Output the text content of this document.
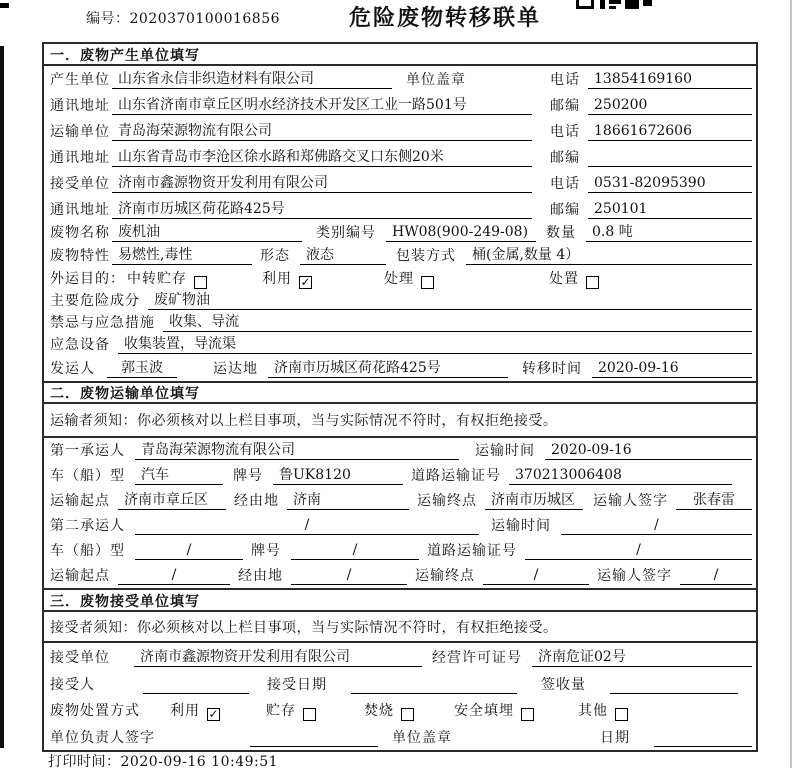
编号：2020370100016856	危险废物转移联单
一．废物产生单位填写
产生单位 山东省永信非织造材料有限公司	单位盖章	电话	13854169160
通讯地址 山东省济南市章丘区明水经济技术开发区工业一路501号	邮编	250200
运输单位 青岛海荣源物流有限公司	电话	18661672606
通讯地址 山东省青岛市李沧区徐水路和郑佛路交叉口东侧20米	邮编
接受单位 济南市鑫源物资开发利用有限公司	电话	0531-82095390
通讯地址 济南市历城区荷花路425号	邮编	250101
废物名称 废机油	类别编号	HW08(900-249-08)	数量	0.8 吨
废物特性 易燃性,毒性	形态	液态	包装方式	桶(金属,数量 4）
外运目的： 中转贮存	利用 ✓	处理	处置
主要危险成分	废矿物油
禁忌与应急措施	收集、导流
应急设备	收集装置，导流渠
发运人	郭玉波	运达地	济南市历城区荷花路425号	转移时间	2020-09-16
二．废物运输单位填写
运输者须知：你必须核对以上栏目事项，当与实际情况不符时，有权拒绝接受。
第一承运人	青岛海荣源物流有限公司	运输时间	2020-09-16
车（船）型	汽车	牌号	鲁UK8120	道路运输证号	370213006408
运输起点	济南市章丘区	经由地	济南	运输终点	济南市历城区	运输人签字	张春雷
第二承运人	/	运输时间	/
车（船）型	/	牌号	/	道路运输证号	/
运输起点	/	经由地	/	运输终点	/	运输人签字	/
三．废物接受单位填写
接受者须知：你必须核对以上栏目事项，当与实际情况不符时，有权拒绝接受。
接受单位	济南市鑫源物资开发利用有限公司	经营许可证号	济南危证02号
接受人	接受日期	签收量
废物处置方式 利用 ✓	贮存	焚烧	安全填埋	其他
单位负责人签字	单位盖章	日期
打印时间：2020-09-16 10:49:51
